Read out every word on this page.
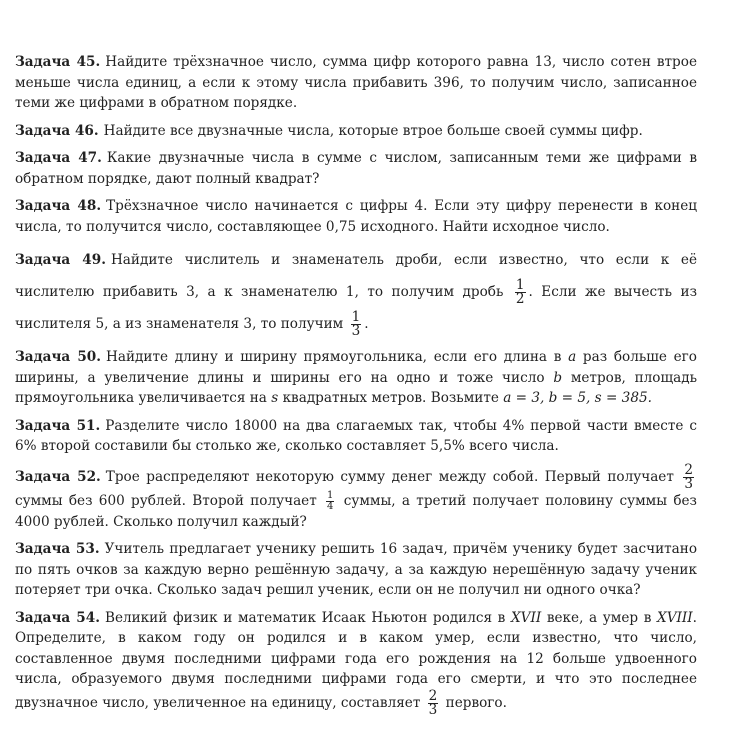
Задача 45. Найдите трёхзначное число, сумма цифр которого равна 13, число сотен втрое меньше числа единиц, а если к этому числа прибавить 396, то получим число, записанное теми же цифрами в обратном порядке.

Задача 46. Найдите все двузначные числа, которые втрое больше своей суммы цифр.

Задача 47. Какие двузначные числа в сумме с числом, записанным теми же цифрами в обратном порядке, дают полный квадрат?

Задача 48. Трёхзначное число начинается с цифры 4. Если эту цифру перенести в конец числа, то получится число, составляющее 0,75 исходного. Найти исходное число.

Задача 49. Найдите числитель и знаменатель дроби, если известно, что если к её числителю прибавить 3, а к знаменателю 1, то получим дробь $\frac{1}{2}$ . Если же вычесть из числителя 5, а из знаменателя 3, то получим $\frac{1}{3}$ .

Задача 50. Найдите длину и ширину прямоугольника, если его длина в a раз больше его ширины, а увеличение длины и ширины его на одно и тоже число b метров, площадь прямоугольника увеличивается на s квадратных метров. Возьмите a = 3, b = 5, s = 385.

Задача 51. Разделите число 18000 на два слагаемых так, чтобы 4% первой части вместе с 6% второй составили бы столько же, сколько составляет 5,5% всего числа.

Задача 52. Трое распределяют некоторую сумму денег между собой. Первый получает $\frac{2}{3}$
суммы без 600 рублей. Второй получает $\frac{1}{4}$ суммы, а третий получает половину суммы без 4000 рублей. Сколько получил каждый?

Задача 53. Учитель предлагает ученику решить 16 задач, причём ученику будет засчитано по пять очков за каждую верно решённую задачу, а за каждую нерешённую задачу ученик потеряет три очка. Сколько задач решил ученик, если он не получил ни одного очка?

Задача 54. Великий физик и математик Исаак Ньютон родился в XVII веке, а умер в XVIII. Определите, в каком году он родился и в каком умер, если известно, что число, составленное двумя последними цифрами года его рождения на 12 больше удвоенного числа, образуемого двумя последними цифрами года его смерти, и что это последнее двузначное число, увеличенное на единицу, составляет $\frac{2}{3}$ первого.
